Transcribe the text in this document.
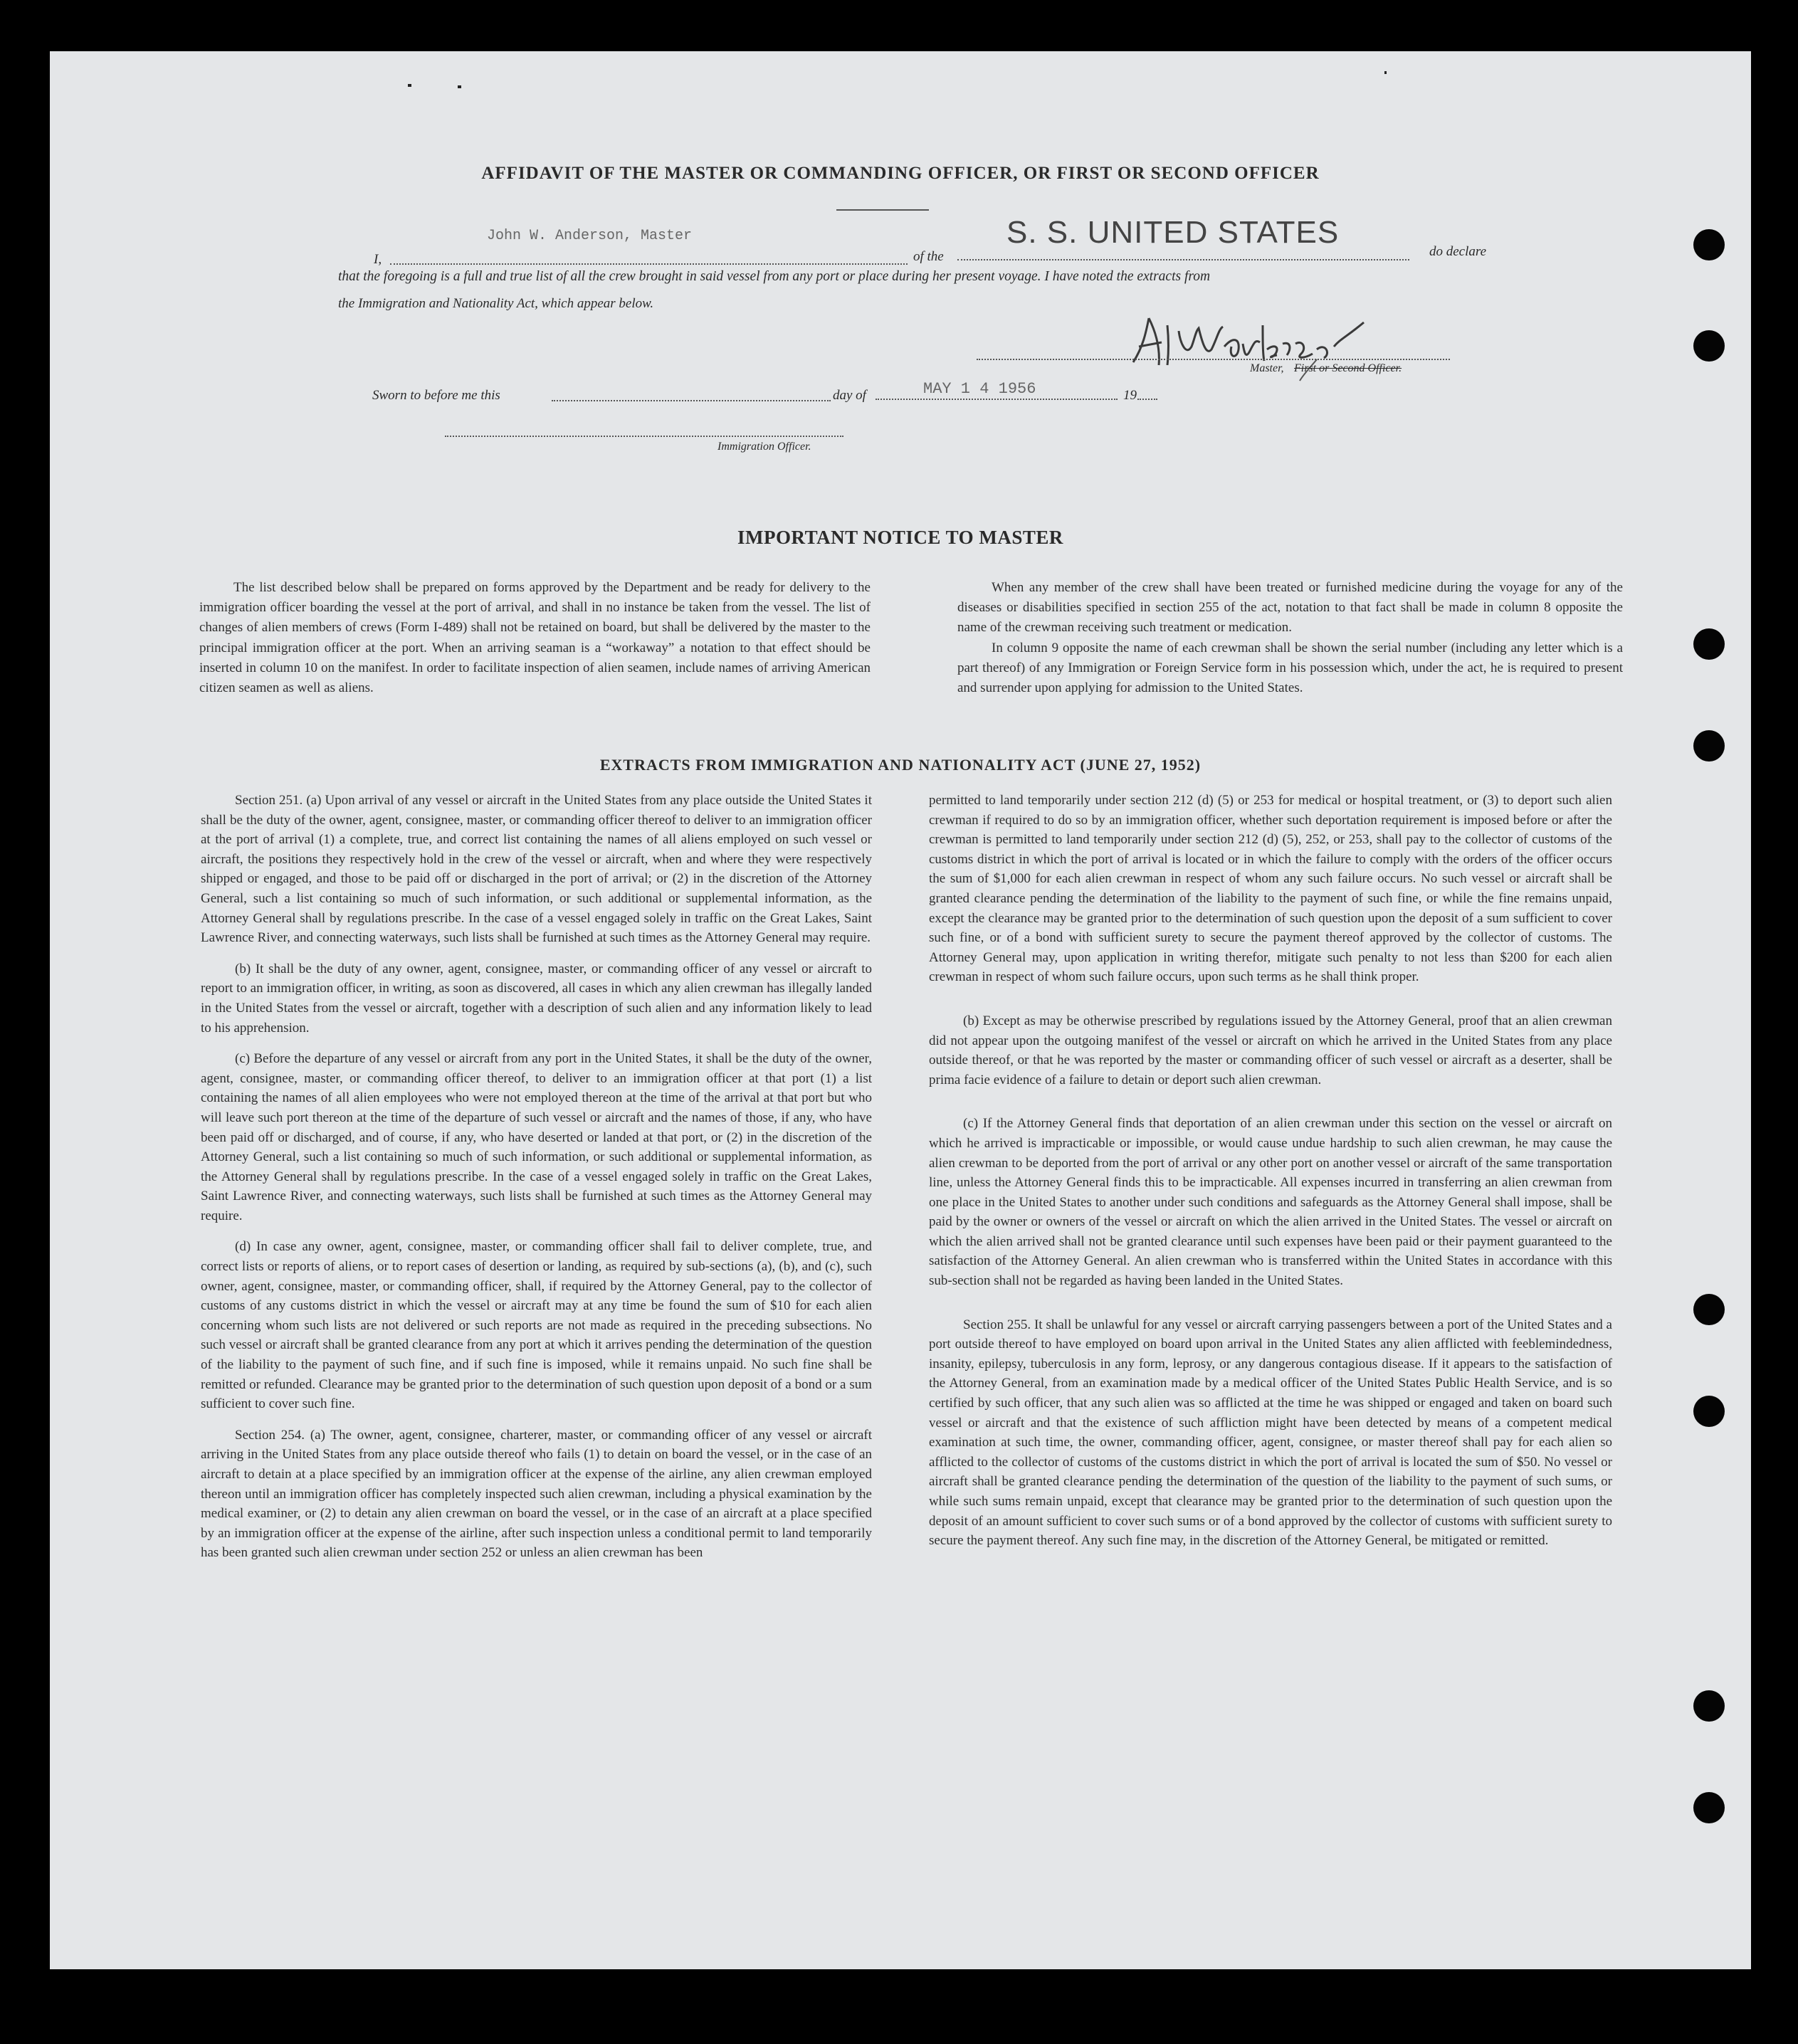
AFFIDAVIT OF THE MASTER OR COMMANDING OFFICER, OR FIRST OR SECOND OFFICER
I,
John W. Anderson, Master
of the
S. S. UNITED STATES
do declare
that the foregoing is a full and true list of all the crew brought in said vessel from any port or place during her present voyage. I have noted the extracts from
the Immigration and Nationality Act, which appear below.
Master, First or Second Officer.
Sworn to before me this	day of	MAY 1 4 1956	19
Immigration Officer.
IMPORTANT NOTICE TO MASTER

The list described below shall be prepared on forms approved by the Department and be ready for delivery to the immigration officer boarding the vessel at the port of arrival, and shall in no instance be taken from the vessel. The list of changes of alien members of crews (Form I-489) shall not be retained on board, but shall be delivered by the master to the principal immigration officer at the port. When an arriving seaman is a “workaway” a notation to that effect should be inserted in column 10 on the manifest. In order to facilitate inspection of alien seamen, include names of arriving American citizen seamen as well as aliens.

When any member of the crew shall have been treated or furnished medicine during the voyage for any of the diseases or disabilities specified in section 255 of the act, notation to that fact shall be made in column 8 opposite the name of the crewman receiving such treatment or medication.

In column 9 opposite the name of each crewman shall be shown the serial number (including any letter which is a part thereof) of any Immigration or Foreign Service form in his possession which, under the act, he is required to present and surrender upon applying for admission to the United States.

EXTRACTS FROM IMMIGRATION AND NATIONALITY ACT (JUNE 27, 1952)

Section 251. (a) Upon arrival of any vessel or aircraft in the United States from any place outside the United States it shall be the duty of the owner, agent, consignee, master, or commanding officer thereof to deliver to an immigration officer at the port of arrival (1) a complete, true, and correct list containing the names of all aliens employed on such vessel or aircraft, the positions they respectively hold in the crew of the vessel or aircraft, when and where they were respectively shipped or engaged, and those to be paid off or discharged in the port of arrival; or (2) in the discretion of the Attorney General, such a list containing so much of such information, or such additional or supplemental information, as the Attorney General shall by regulations prescribe. In the case of a vessel engaged solely in traffic on the Great Lakes, Saint Lawrence River, and connecting waterways, such lists shall be furnished at such times as the Attorney General may require.

(b) It shall be the duty of any owner, agent, consignee, master, or commanding officer of any vessel or aircraft to report to an immigration officer, in writing, as soon as discovered, all cases in which any alien crewman has illegally landed in the United States from the vessel or aircraft, together with a description of such alien and any information likely to lead to his apprehension.

(c) Before the departure of any vessel or aircraft from any port in the United States, it shall be the duty of the owner, agent, consignee, master, or commanding officer thereof, to deliver to an immigration officer at that port (1) a list containing the names of all alien employees who were not employed thereon at the time of the arrival at that port but who will leave such port thereon at the time of the departure of such vessel or aircraft and the names of those, if any, who have been paid off or discharged, and of course, if any, who have deserted or landed at that port, or (2) in the discretion of the Attorney General, such a list containing so much of such information, or such additional or supplemental information, as the Attorney General shall by regulations prescribe. In the case of a vessel engaged solely in traffic on the Great Lakes, Saint Lawrence River, and connecting waterways, such lists shall be furnished at such times as the Attorney General may require.

(d) In case any owner, agent, consignee, master, or commanding officer shall fail to deliver complete, true, and correct lists or reports of aliens, or to report cases of desertion or landing, as required by sub-sections (a), (b), and (c), such owner, agent, consignee, master, or commanding officer, shall, if required by the Attorney General, pay to the collector of customs of any customs district in which the vessel or aircraft may at any time be found the sum of $10 for each alien concerning whom such lists are not delivered or such reports are not made as required in the preceding subsections. No such vessel or aircraft shall be granted clearance from any port at which it arrives pending the determination of the question of the liability to the payment of such fine, and if such fine is imposed, while it remains unpaid. No such fine shall be remitted or refunded. Clearance may be granted prior to the determination of such question upon deposit of a bond or a sum sufficient to cover such fine.

Section 254. (a) The owner, agent, consignee, charterer, master, or commanding officer of any vessel or aircraft arriving in the United States from any place outside thereof who fails (1) to detain on board the vessel, or in the case of an aircraft to detain at a place specified by an immigration officer at the expense of the airline, any alien crewman employed thereon until an immigration officer has completely inspected such alien crewman, including a physical examination by the medical examiner, or (2) to detain any alien crewman on board the vessel, or in the case of an aircraft at a place specified by an immigration officer at the expense of the airline, after such inspection unless a conditional permit to land temporarily has been granted such alien crewman under section 252 or unless an alien crewman has been

permitted to land temporarily under section 212 (d) (5) or 253 for medical or hospital treatment, or (3) to deport such alien crewman if required to do so by an immigration officer, whether such deportation requirement is imposed before or after the crewman is permitted to land temporarily under section 212 (d) (5), 252, or 253, shall pay to the collector of customs of the customs district in which the port of arrival is located or in which the failure to comply with the orders of the officer occurs the sum of $1,000 for each alien crewman in respect of whom any such failure occurs. No such vessel or aircraft shall be granted clearance pending the determination of the liability to the payment of such fine, or while the fine remains unpaid, except the clearance may be granted prior to the determination of such question upon the deposit of a sum sufficient to cover such fine, or of a bond with sufficient surety to secure the payment thereof approved by the collector of customs. The Attorney General may, upon application in writing therefor, mitigate such penalty to not less than $200 for each alien crewman in respect of whom such failure occurs, upon such terms as he shall think proper.

(b) Except as may be otherwise prescribed by regulations issued by the Attorney General, proof that an alien crewman did not appear upon the outgoing manifest of the vessel or aircraft on which he arrived in the United States from any place outside thereof, or that he was reported by the master or commanding officer of such vessel or aircraft as a deserter, shall be prima facie evidence of a failure to detain or deport such alien crewman.

(c) If the Attorney General finds that deportation of an alien crewman under this section on the vessel or aircraft on which he arrived is impracticable or impossible, or would cause undue hardship to such alien crewman, he may cause the alien crewman to be deported from the port of arrival or any other port on another vessel or aircraft of the same transportation line, unless the Attorney General finds this to be impracticable. All expenses incurred in transferring an alien crewman from one place in the United States to another under such conditions and safeguards as the Attorney General shall impose, shall be paid by the owner or owners of the vessel or aircraft on which the alien arrived in the United States. The vessel or aircraft on which the alien arrived shall not be granted clearance until such expenses have been paid or their payment guaranteed to the satisfaction of the Attorney General. An alien crewman who is transferred within the United States in accordance with this sub-section shall not be regarded as having been landed in the United States.

Section 255. It shall be unlawful for any vessel or aircraft carrying passengers between a port of the United States and a port outside thereof to have employed on board upon arrival in the United States any alien afflicted with feeblemindedness, insanity, epilepsy, tuberculosis in any form, leprosy, or any dangerous contagious disease. If it appears to the satisfaction of the Attorney General, from an examination made by a medical officer of the United States Public Health Service, and is so certified by such officer, that any such alien was so afflicted at the time he was shipped or engaged and taken on board such vessel or aircraft and that the existence of such affliction might have been detected by means of a competent medical examination at such time, the owner, commanding officer, agent, consignee, or master thereof shall pay for each alien so afflicted to the collector of customs of the customs district in which the port of arrival is located the sum of $50. No vessel or aircraft shall be granted clearance pending the determination of the question of the liability to the payment of such sums, or while such sums remain unpaid, except that clearance may be granted prior to the determination of such question upon the deposit of an amount sufficient to cover such sums or of a bond approved by the collector of customs with sufficient surety to secure the payment thereof. Any such fine may, in the discretion of the Attorney General, be mitigated or remitted.
